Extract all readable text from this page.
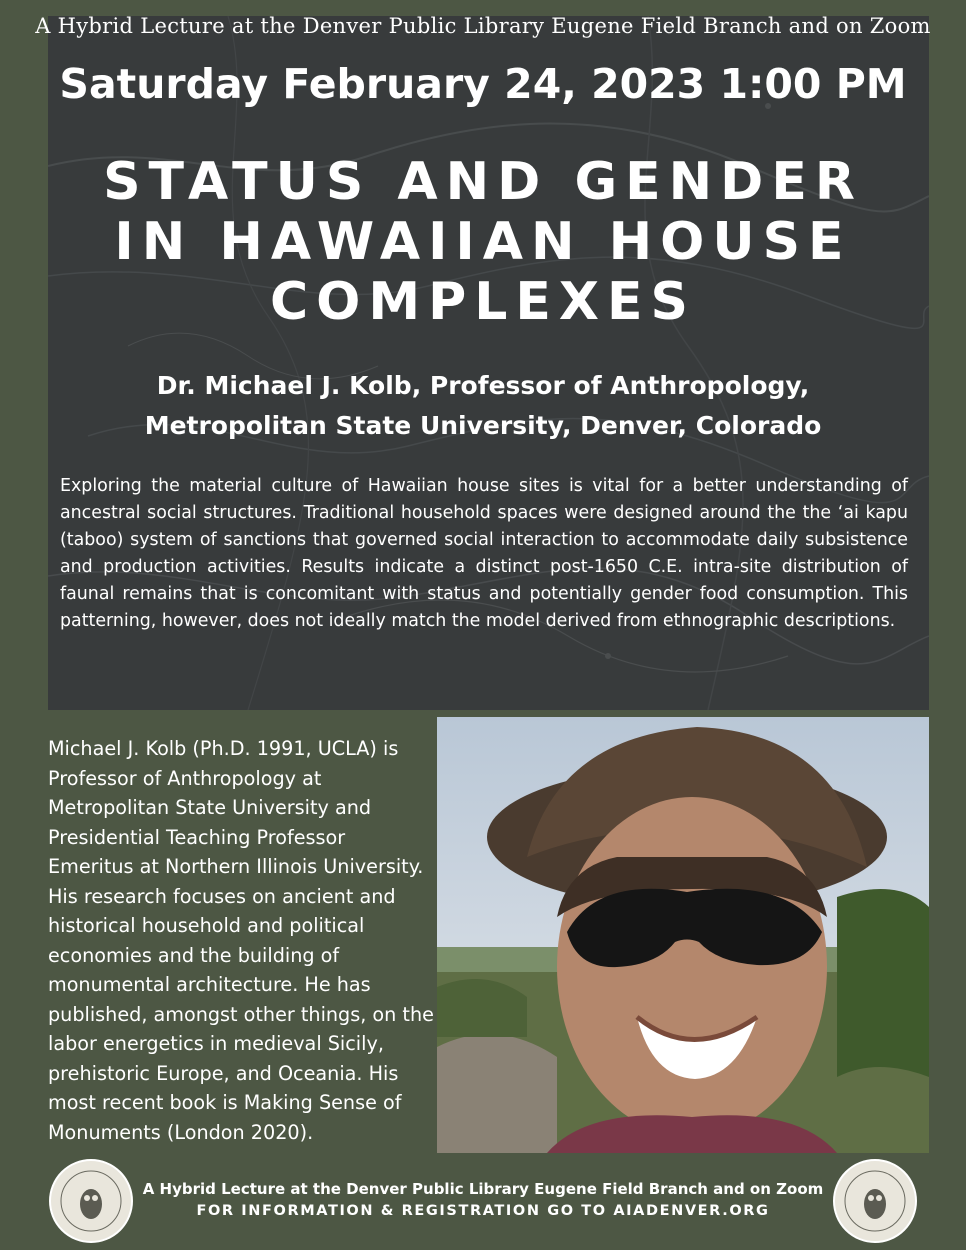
A Hybrid Lecture at the Denver Public Library Eugene Field Branch and on Zoom
Saturday February 24, 2023 1:00 PM
STATUS AND GENDER
IN HAWAIIAN HOUSE
COMPLEXES
Dr. Michael J. Kolb, Professor of Anthropology,
Metropolitan State University, Denver, Colorado
Exploring the material culture of Hawaiian house sites is vital for a better understanding of ancestral social structures. Traditional household spaces were designed around the the ‘ai kapu (taboo) system of sanctions that governed social interaction to accommodate daily subsistence and production activities. Results indicate a distinct post-1650 C.E. intra-site distribution of faunal remains that is concomitant with status and potentially gender food consumption. This patterning, however, does not ideally match the model derived from ethnographic descriptions.
Michael J. Kolb (Ph.D. 1991, UCLA) is Professor of Anthropology at Metropolitan State University and Presidential Teaching Professor Emeritus at Northern Illinois University. His research focuses on ancient and historical household and political economies and the building of monumental architecture. He has published, amongst other things, on the labor energetics in medieval Sicily, prehistoric Europe, and Oceania. His most recent book is Making Sense of Monuments (London 2020).
A Hybrid Lecture at the Denver Public Library Eugene Field Branch and on Zoom
FOR INFORMATION & REGISTRATION GO TO AIADENVER.ORG
